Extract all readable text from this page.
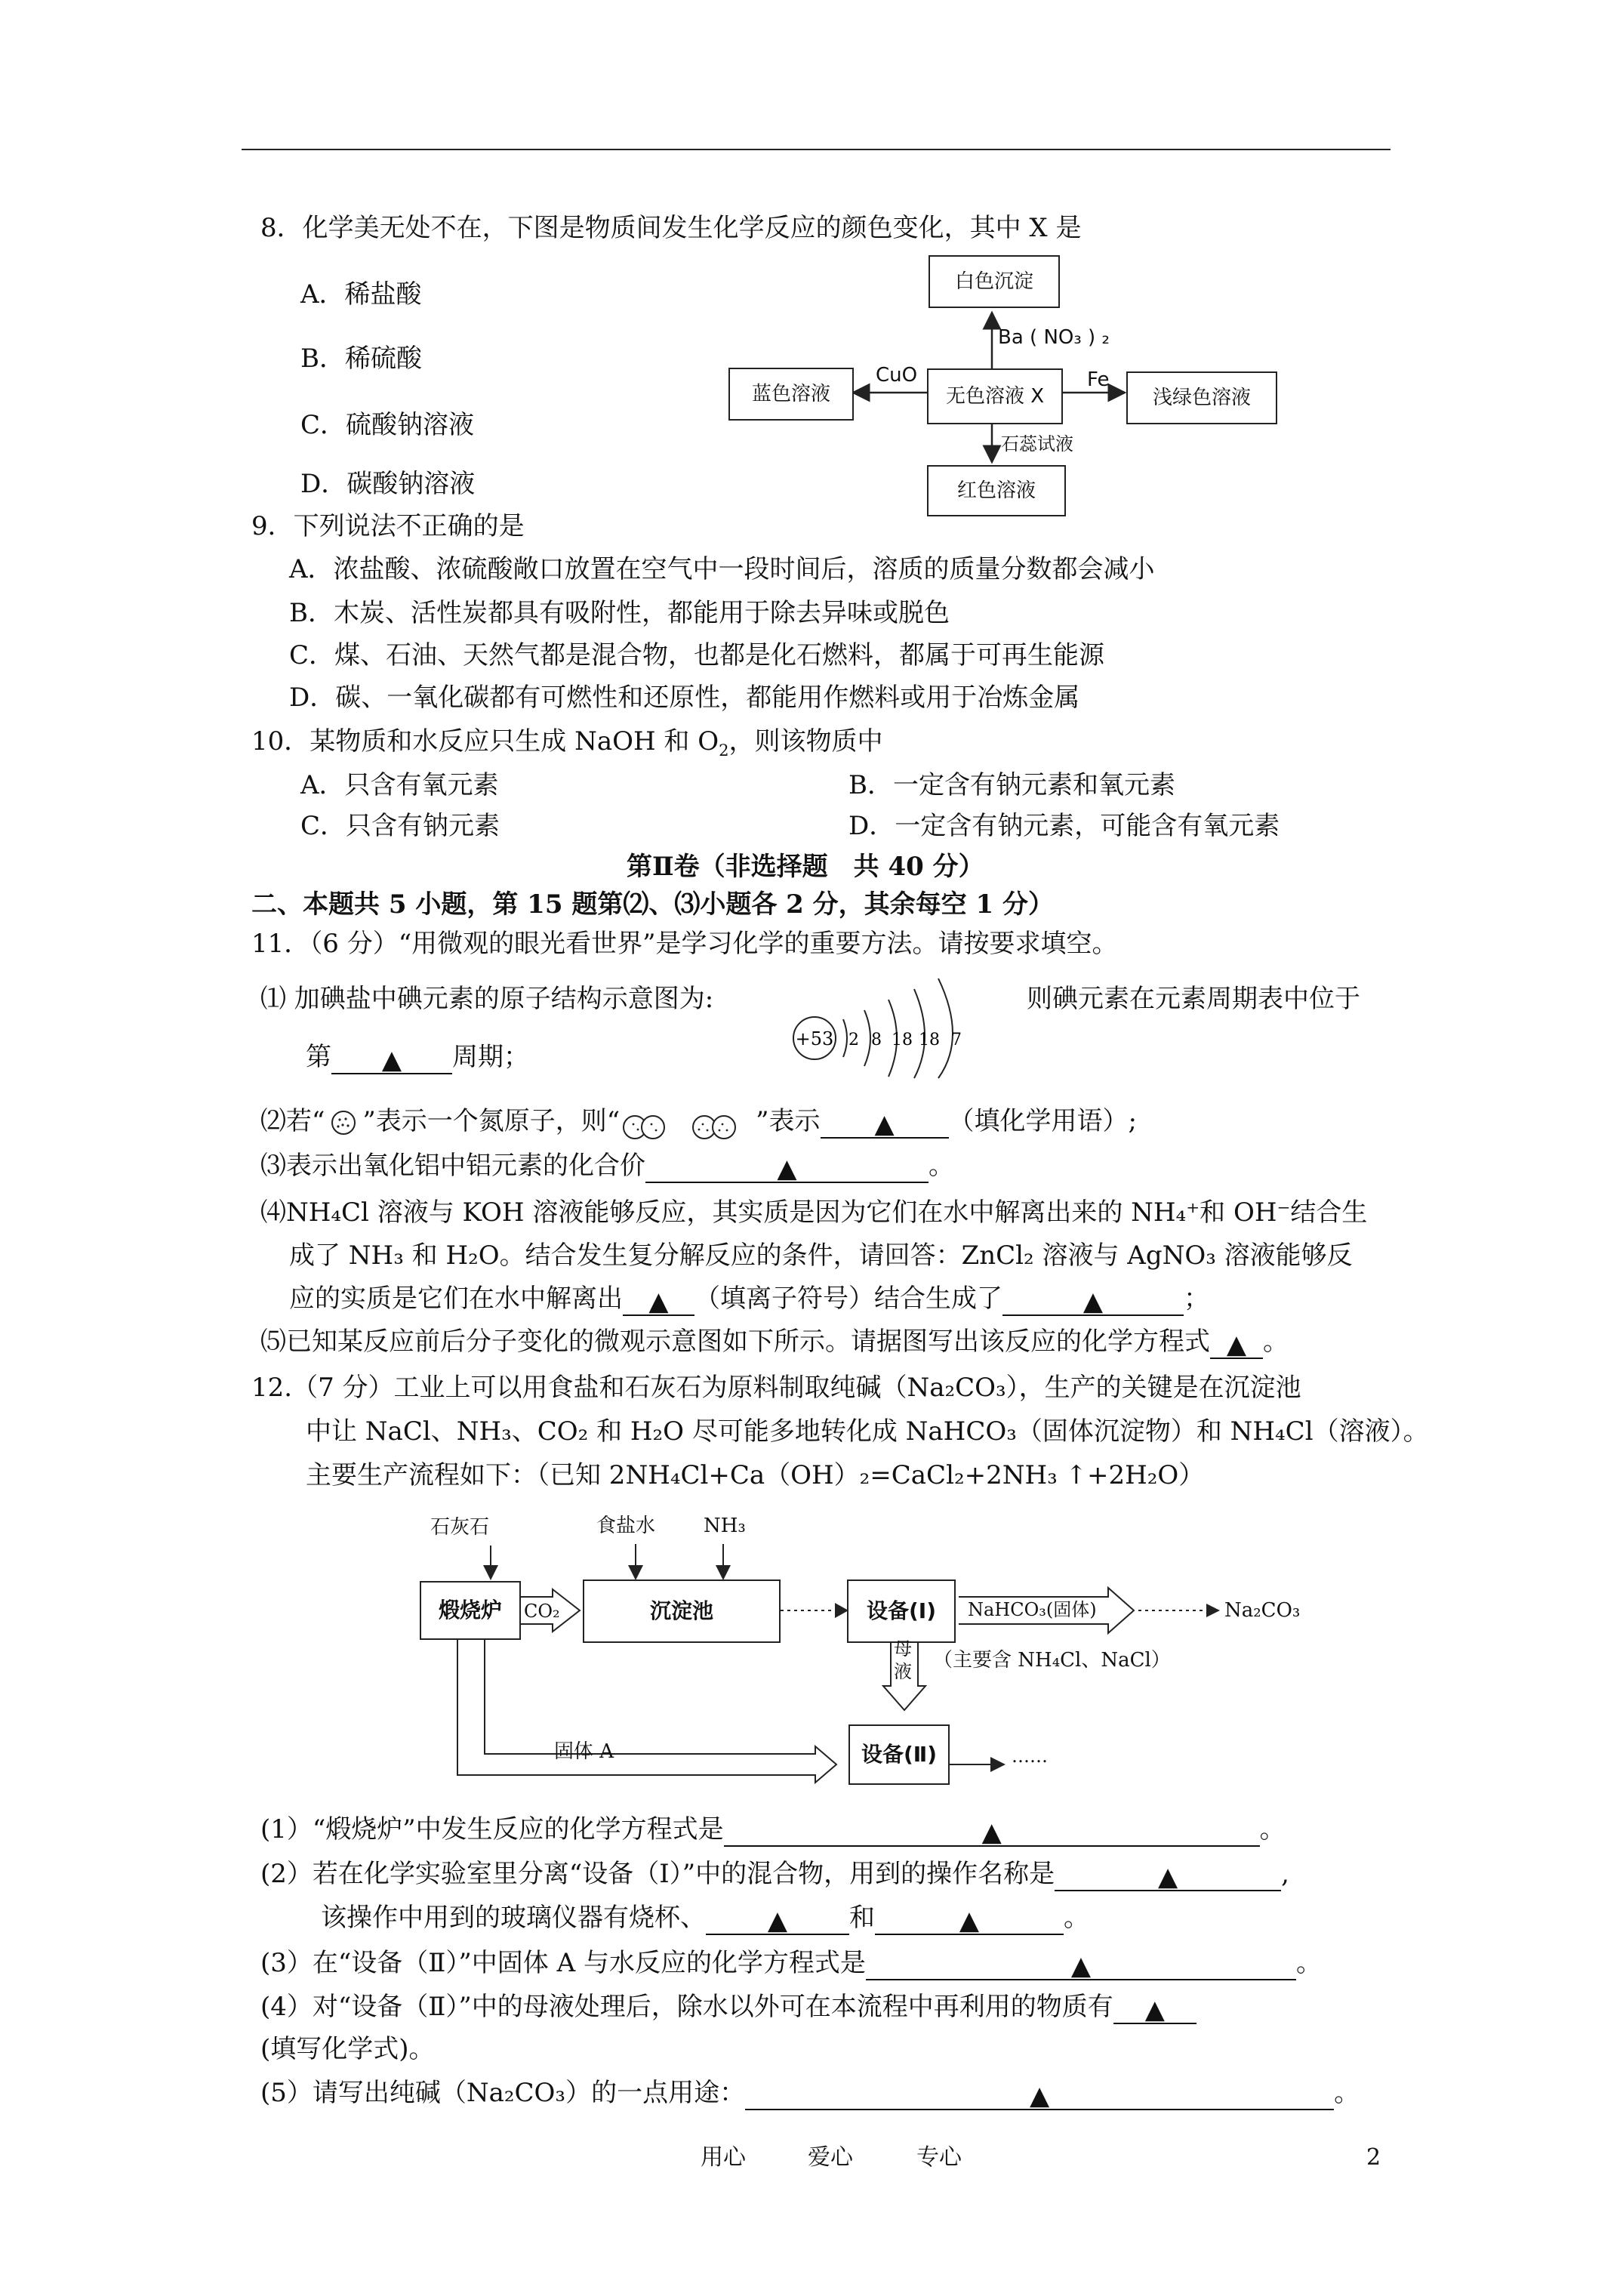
8．化学美无处不在，下图是物质间发生化学反应的颜色变化，其中 X 是
A．稀盐酸
B．稀硫酸
C．硫酸钠溶液
D．碳酸钠溶液
白色沉淀
Ba ( NO₃ ) ₂
无色溶液 X
CuO
蓝色溶液
Fe
浅绿色溶液
石蕊试液
红色溶液
9．下列说法不正确的是
A．浓盐酸、浓硫酸敞口放置在空气中一段时间后，溶质的质量分数都会减小
B．木炭、活性炭都具有吸附性，都能用于除去异味或脱色
C．煤、石油、天然气都是混合物，也都是化石燃料，都属于可再生能源
D．碳、一氧化碳都有可燃性和还原性，都能用作燃料或用于冶炼金属
10．某物质和水反应只生成 NaOH 和 $O_2$，则该物质中
A．只含有氧元素	B．一定含有钠元素和氧元素
C．只含有钠元素	D．一定含有钠元素，可能含有氧元素
第Ⅱ卷（非选择题　共 40 分）
二、本题共 5 小题，第 15 题第⑵、⑶小题各 2 分，其余每空 1 分）
11．（6 分）“用微观的眼光看世界”是学习化学的重要方法。请按要求填空。
⑴ 加碘盐中碘元素的原子结构示意图为:
+53 2 8 18 18 7
则碘元素在元素周期表中位于
第 ▲ 周期；
⑵若“ ”表示一个氮原子，则“	”表示 ▲ （填化学用语）;
⑶表示出氧化铝中铝元素的化合价	▲	。
⑷NH₄Cl 溶液与 KOH 溶液能够反应，其实质是因为它们在水中解离出来的 NH₄⁺和 OH⁻结合生
成了 NH₃ 和 H₂O。结合发生复分解反应的条件，请回答：ZnCl₂ 溶液与 AgNO₃ 溶液能够反
应的实质是它们在水中解离出 ▲ （填离子符号）结合生成了	▲	；
⑸已知某反应前后分子变化的微观示意图如下所示。请据图写出该反应的化学方程式 ▲ 。
12.（7 分）工业上可以用食盐和石灰石为原料制取纯碱（Na₂CO₃），生产的关键是在沉淀池
中让 NaCl、NH₃、CO₂ 和 H₂O 尽可能多地转化成 NaHCO₃（固体沉淀物）和 NH₄Cl（溶液）。
主要生产流程如下：（已知 2NH₄Cl+Ca（OH）₂=CaCl₂+2NH₃ ↑+2H₂O）
石灰石	食盐水 NH₃
煅烧炉	CO₂	沉淀池	设备(Ⅰ)	NaHCO₃(固体)	Na₂CO₃
母
液 （主要含 NH₄Cl、NaCl）
固体 A	设备(Ⅱ)	……
(1）“煅烧炉”中发生反应的化学方程式是	▲	。
(2）若在化学实验室里分离“设备（Ⅰ）”中的混合物，用到的操作名称是	▲	,
该操作中用到的玻璃仪器有烧杯、 ▲ 和	▲	。
(3）在“设备（Ⅱ）”中固体 A 与水反应的化学方程式是	▲	。
(4）对“设备（Ⅱ）”中的母液处理后，除水以外可在本流程中再利用的物质有 ▲
(填写化学式)。
(5）请写出纯碱（Na₂CO₃）的一点用途：	▲	。
用心	爱心	专心	2
